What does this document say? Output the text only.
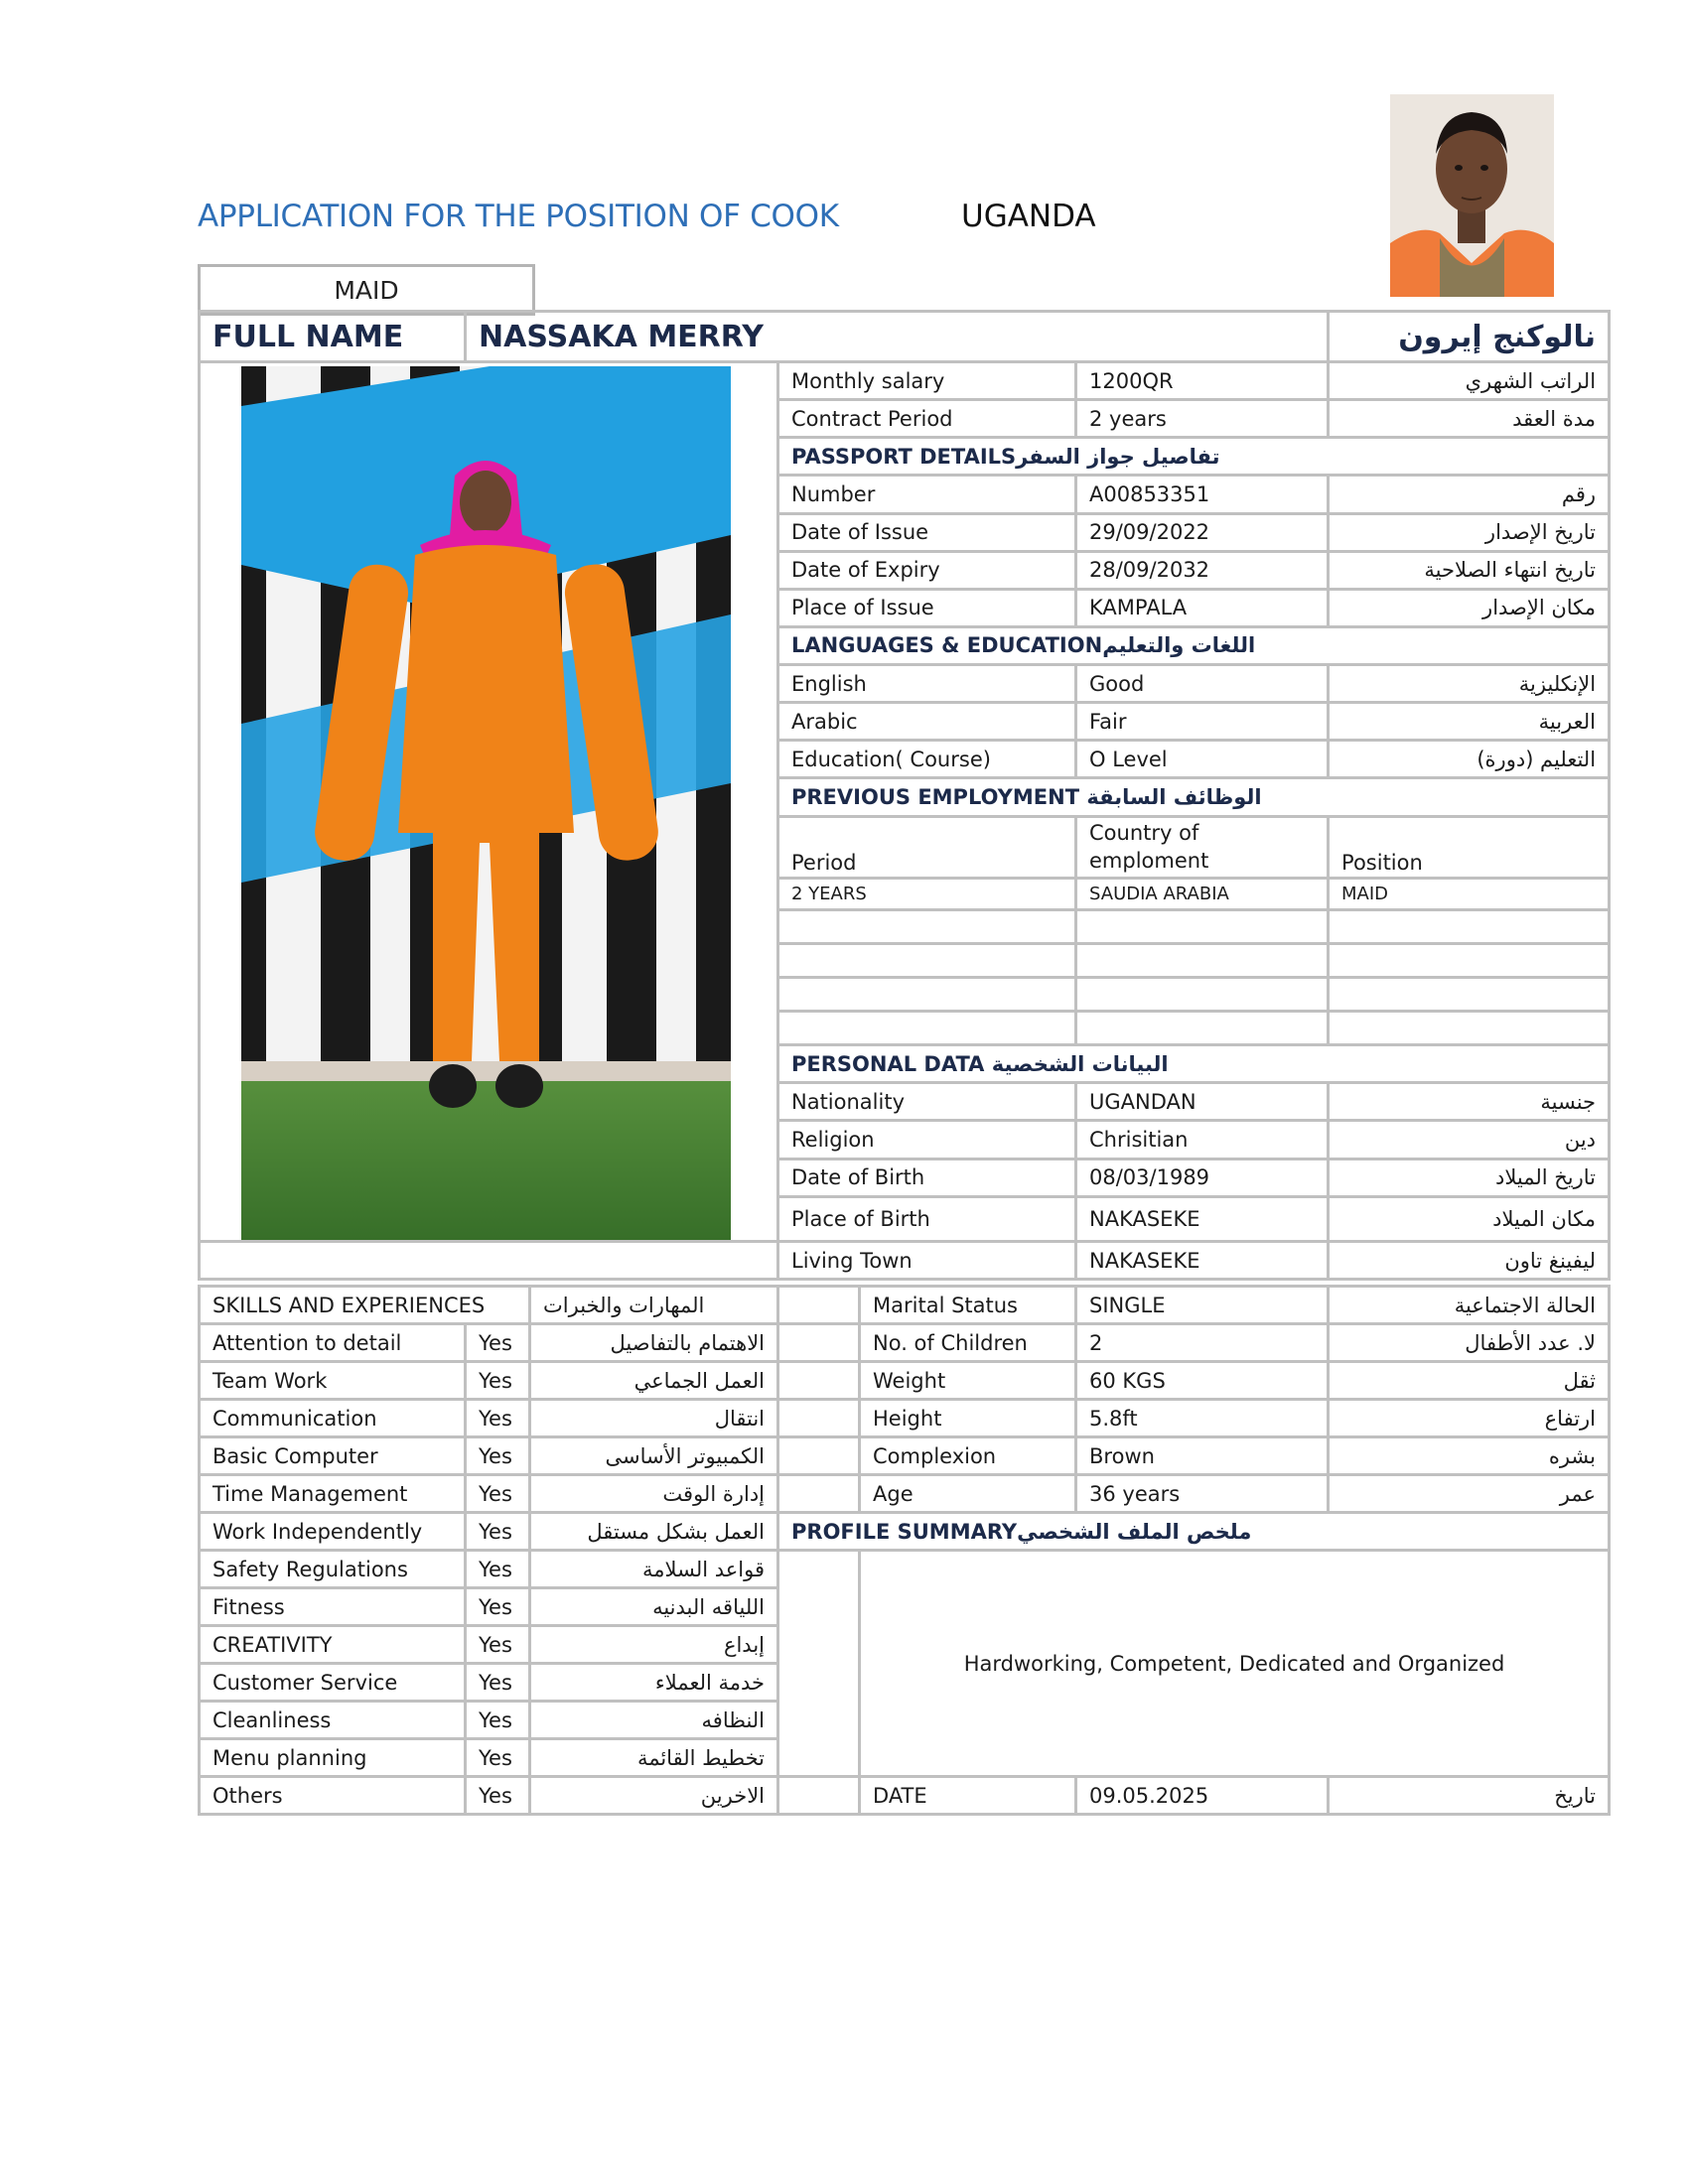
APPLICATION FOR THE POSITION OF COOK	UGANDA
MAID
FULL NAME	NASSAKA MERRY			نالوكنج إيرون

	Monthly salary	1200QR	الراتب الشهري
		Contract Period	2 years	مدة العقد
		PASSPORT DETAILSتفاصيل جواز السفر		
		Number	A00853351	رقم
		Date of Issue	29/09/2022	تاريخ الإصدار
		Date of Expiry	28/09/2032	تاريخ انتهاء الصلاحية
		Place of Issue	KAMPALA	مكان الإصدار
		LANGUAGES & EDUCATIONاللغات والتعليم		
		English	Good	الإنكليزية
		Arabic	Fair	العربية
		Education( Course)	O Level	التعليم (دورة)
		PREVIOUS EMPLOYMENT الوظائف السابقة		
		Period	Country of emploment	Position
		2 YEARS	SAUDIA ARABIA	MAID

		PERSONAL DATA البيانات الشخصية		
		Nationality	UGANDAN	جنسية
		Religion	Chrisitian	دين
		Date of Birth	08/03/1989	تاريخ الميلاد
		Place of Birth	NAKASEKE	مكان الميلاد
		Living Town	NAKASEKE	ليفينغ تاون
SKILLS AND EXPERIENCES		المهارات والخبرات		Marital Status	SINGLE	الحالة الاجتماعية
Attention to detail	Yes	الاهتمام بالتفاصيل		No. of Children	2	لا. عدد الأطفال
Team Work	Yes	العمل الجماعي		Weight	60 KGS	ثقل
Communication	Yes	انتقال		Height	5.8ft	ارتفاع
Basic Computer	Yes	الكمبيوتر الأساسى		Complexion	Brown	بشره
Time Management	Yes	إدارة الوقت		Age	36 years	عمر
Work Independently	Yes	العمل بشكل مستقل	PROFILE SUMMARYملخص الملف الشخصي			
Safety Regulations	Yes	قواعد السلامة		Hardworking, Competent, Dedicated and Organized		
Fitness	Yes	اللياقه البدنيه				
CREATIVITY	Yes	إبداع				
Customer Service	Yes	خدمة العملاء				
Cleanliness	Yes	النظافه				
Menu planning	Yes	تخطيط القائمة				
Others	Yes	الاخرين		DATE	09.05.2025	تاريخ
